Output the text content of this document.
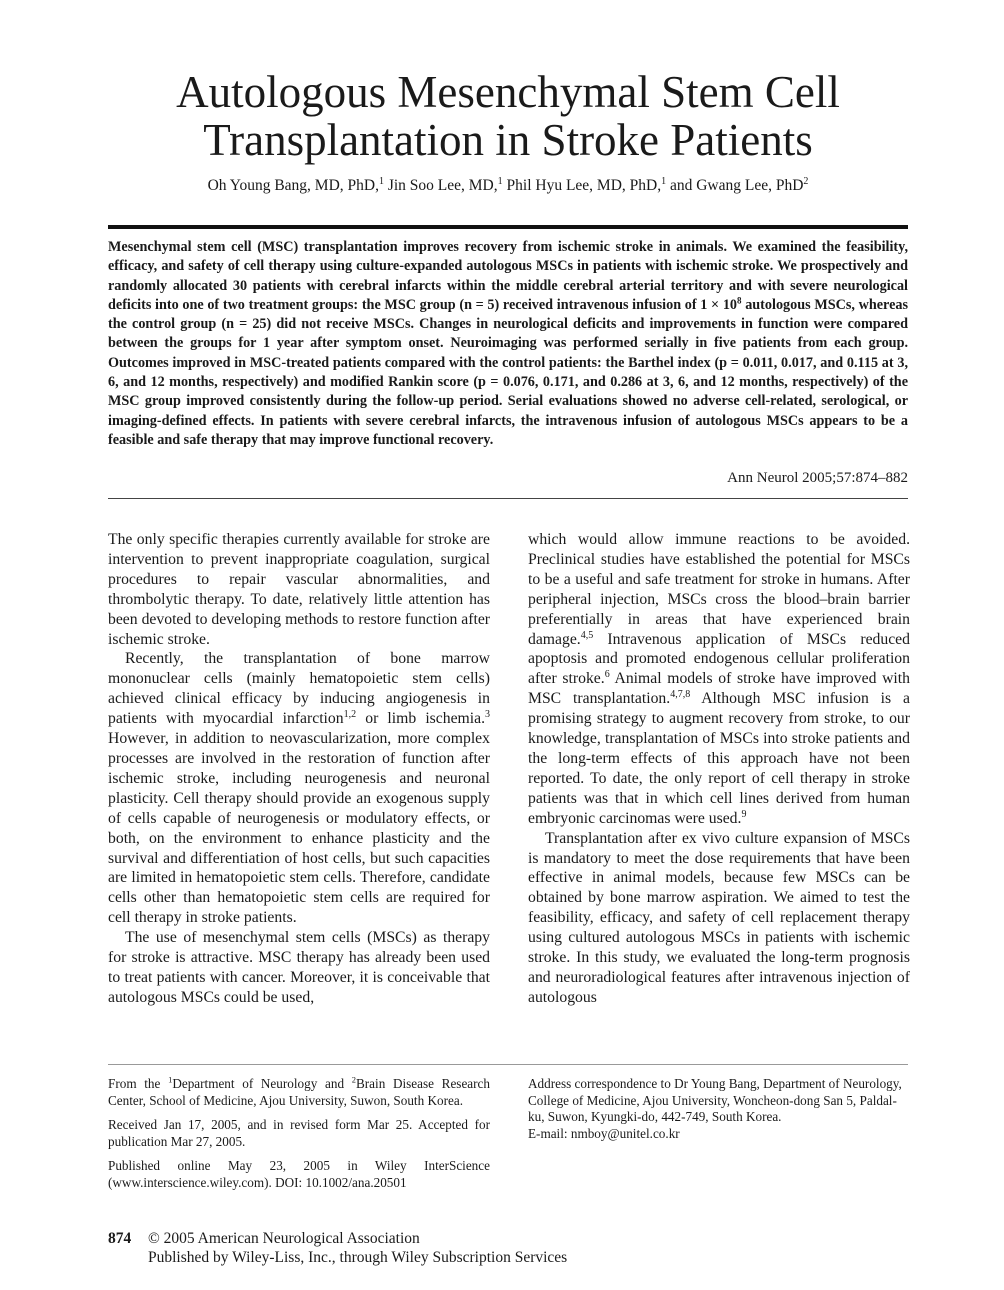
Autologous Mesenchymal Stem Cell
Transplantation in Stroke Patients
Oh Young Bang, MD, PhD,$^1$ Jin Soo Lee, MD,$^1$ Phil Hyu Lee, MD, PhD,$^1$ and Gwang Lee, PhD$^2$

Mesenchymal stem cell (MSC) transplantation improves recovery from ischemic stroke in animals. We examined the feasibility, efficacy, and safety of cell therapy using culture-expanded autologous MSCs in patients with ischemic stroke. We prospectively and randomly allocated 30 patients with cerebral infarcts within the middle cerebral arterial territory and with severe neurological deficits into one of two treatment groups: the MSC group (n = 5) received intravenous infusion of $1 \times 10^8$ autologous MSCs, whereas the control group (n = 25) did not receive MSCs. Changes in neurological deficits and improvements in function were compared between the groups for 1 year after symptom onset. Neuroimaging was performed serially in five patients from each group. Outcomes improved in MSC-treated patients compared with the control patients: the Barthel index (p = 0.011, 0.017, and 0.115 at 3, 6, and 12 months, respectively) and modified Rankin score (p = 0.076, 0.171, and 0.286 at 3, 6, and 12 months, respectively) of the MSC group improved consistently during the follow-up period. Serial evaluations showed no adverse cell-related, serological, or imaging-defined effects. In patients with severe cerebral infarcts, the intravenous infusion of autologous MSCs appears to be a feasible and safe therapy that may improve functional recovery.

Ann Neurol 2005;57:874–882

The only specific therapies currently available for stroke are intervention to prevent inappropriate coagulation, surgical procedures to repair vascular abnormalities, and thrombolytic therapy. To date, relatively little attention has been devoted to developing methods to restore function after ischemic stroke.

Recently, the transplantation of bone marrow mononuclear cells (mainly hematopoietic stem cells) achieved clinical efficacy by inducing angiogenesis in patients with myocardial infarction$^{1,2}$ or limb ischemia.$^3$ However, in addition to neovascularization, more complex processes are involved in the restoration of function after ischemic stroke, including neurogenesis and neuronal plasticity. Cell therapy should provide an exogenous supply of cells capable of neurogenesis or modulatory effects, or both, on the environment to enhance plasticity and the survival and differentiation of host cells, but such capacities are limited in hematopoietic stem cells. Therefore, candidate cells other than hematopoietic stem cells are required for cell therapy in stroke patients.

The use of mesenchymal stem cells (MSCs) as therapy for stroke is attractive. MSC therapy has already been used to treat patients with cancer. Moreover, it is conceivable that autologous MSCs could be used,

which would allow immune reactions to be avoided. Preclinical studies have established the potential for MSCs to be a useful and safe treatment for stroke in humans. After peripheral injection, MSCs cross the blood–brain barrier preferentially in areas that have experienced brain damage.$^{4,5}$ Intravenous application of MSCs reduced apoptosis and promoted endogenous cellular proliferation after stroke.$^6$ Animal models of stroke have improved with MSC transplantation.$^{4,7,8}$ Although MSC infusion is a promising strategy to augment recovery from stroke, to our knowledge, transplantation of MSCs into stroke patients and the long-term effects of this approach have not been reported. To date, the only report of cell therapy in stroke patients was that in which cell lines derived from human embryonic carcinomas were used.$^9$

Transplantation after ex vivo culture expansion of MSCs is mandatory to meet the dose requirements that have been effective in animal models, because few MSCs can be obtained by bone marrow aspiration. We aimed to test the feasibility, efficacy, and safety of cell replacement therapy using cultured autologous MSCs in patients with ischemic stroke. In this study, we evaluated the long-term prognosis and neuroradiological features after intravenous injection of autologous

From the $^1$Department of Neurology and $^2$Brain Disease Research Center, School of Medicine, Ajou University, Suwon, South Korea.

Received Jan 17, 2005, and in revised form Mar 25. Accepted for publication Mar 27, 2005.

Published online May 23, 2005 in Wiley InterScience (www.interscience.wiley.com). DOI: 10.1002/ana.20501

Address correspondence to Dr Young Bang, Department of Neurology, College of Medicine, Ajou University, Woncheon-dong San 5, Paldal-ku, Suwon, Kyungki-do, 442-749, South Korea.

E-mail: nmboy@unitel.co.kr

874 © 2005 American Neurological Association
Published by Wiley-Liss, Inc., through Wiley Subscription Services
